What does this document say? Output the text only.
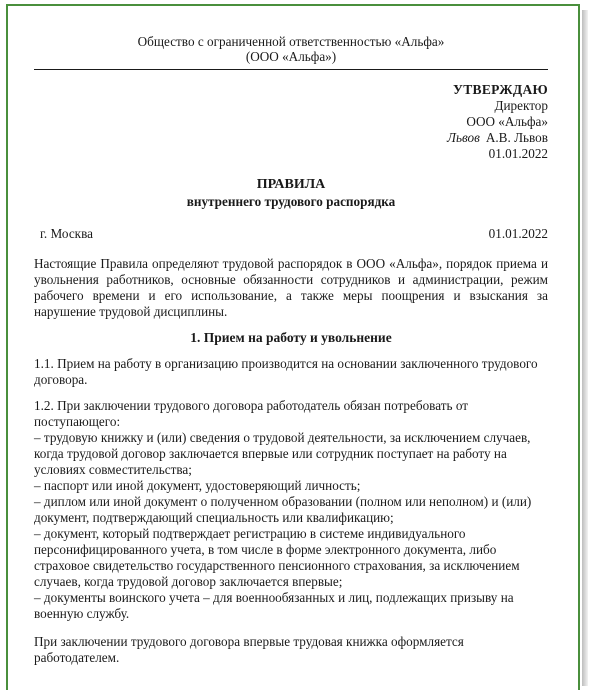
Общество с ограниченной ответственностью «Альфа»
(ООО «Альфа»)
УТВЕРЖДАЮ
Директор
ООО «Альфа»
Львов А.В. Львов
01.01.2022
ПРАВИЛА
внутреннего трудового распорядка
г. Москва	01.01.2022
Настоящие Правила определяют трудовой распорядок в ООО «Альфа», порядок приема и увольнения работников, основные обязанности сотрудников и администрации, режим рабочего времени и его использование, а также меры поощрения и взыскания за нарушение трудовой дисциплины.
1. Прием на работу и увольнение
1.1. Прием на работу в организацию производится на основании заключенного трудового договора.
1.2. При заключении трудового договора работодатель обязан потребовать от поступающего:
– трудовую книжку и (или) сведения о трудовой деятельности, за исключением случаев, когда трудовой договор заключается впервые или сотрудник поступает на работу на условиях совместительства;
– паспорт или иной документ, удостоверяющий личность;
– диплом или иной документ о полученном образовании (полном или неполном) и (или) документ, подтверждающий специальность или квалификацию;
– документ, который подтверждает регистрацию в системе индивидуального персонифицированного учета, в том числе в форме электронного документа, либо страховое свидетельство государственного пенсионного страхования, за исключением случаев, когда трудовой договор заключается впервые;
– документы воинского учета – для военнообязанных и лиц, подлежащих призыву на военную службу.
При заключении трудового договора впервые трудовая книжка оформляется
работодателем.
